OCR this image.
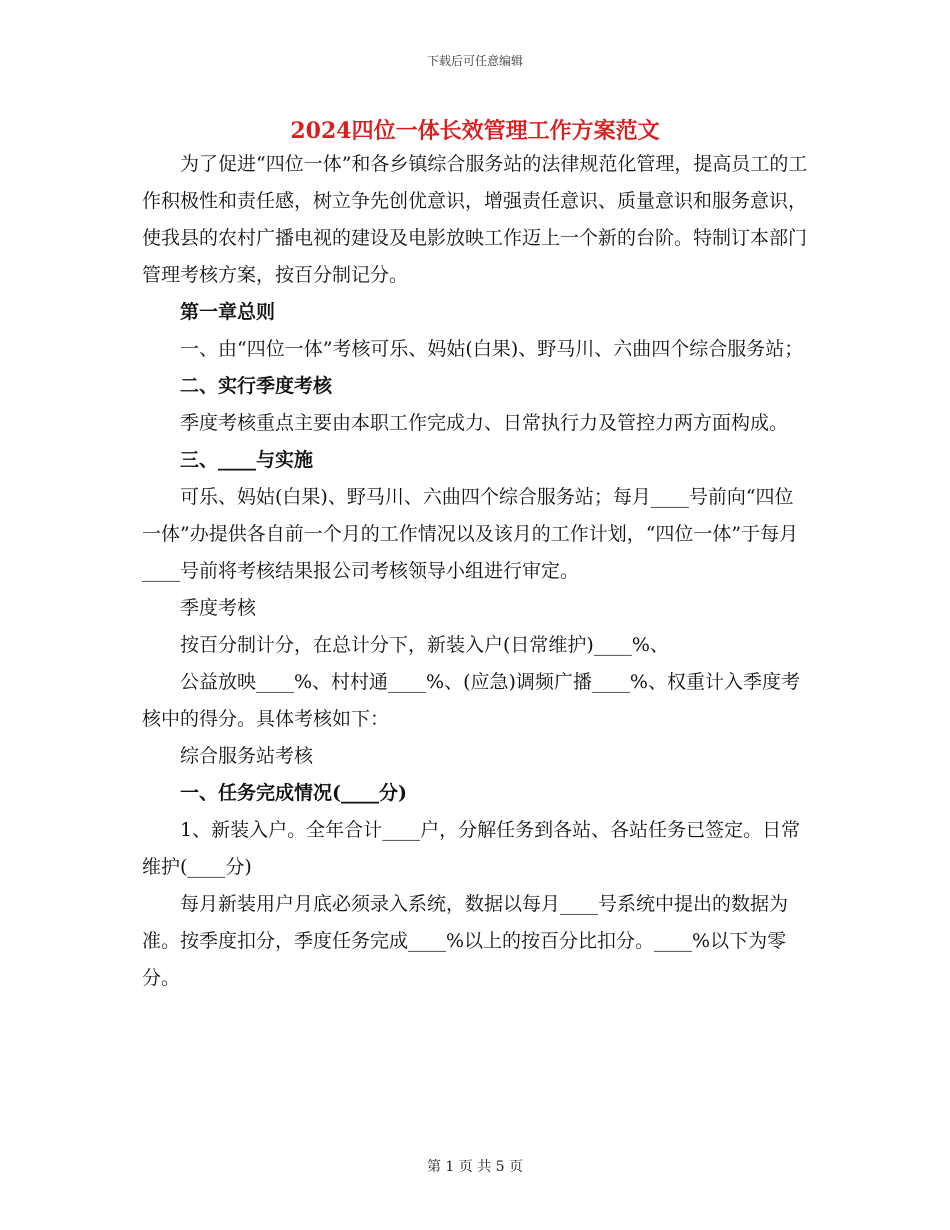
下载后可任意编辑
2024四位一体长效管理工作方案范文

为了促进“四位一体”和各乡镇综合服务站的法律规范化管理，提高员工的工作积极性和责任感，树立争先创优意识，增强责任意识、质量意识和服务意识，使我县的农村广播电视的建设及电影放映工作迈上一个新的台阶。特制订本部门管理考核方案，按百分制记分。

第一章总则

一、由“四位一体”考核可乐、妈姑(白果)、野马川、六曲四个综合服务站；

二、实行季度考核

季度考核重点主要由本职工作完成力、日常执行力及管控力两方面构成。

三、____与实施

可乐、妈姑(白果)、野马川、六曲四个综合服务站；每月____号前向“四位一体”办提供各自前一个月的工作情况以及该月的工作计划，“四位一体”于每月____号前将考核结果报公司考核领导小组进行审定。

季度考核

按百分制计分，在总计分下，新装入户(日常维护)____%、

公益放映____%、村村通____%、(应急)调频广播____%、权重计入季度考核中的得分。具体考核如下：

综合服务站考核

一、任务完成情况(____分)

1、新装入户。全年合计____户，分解任务到各站、各站任务已签定。日常维护(____分)

每月新装用户月底必须录入系统，数据以每月____号系统中提出的数据为准。按季度扣分，季度任务完成____%以上的按百分比扣分。____%以下为零分。

第 1 页 共 5 页
